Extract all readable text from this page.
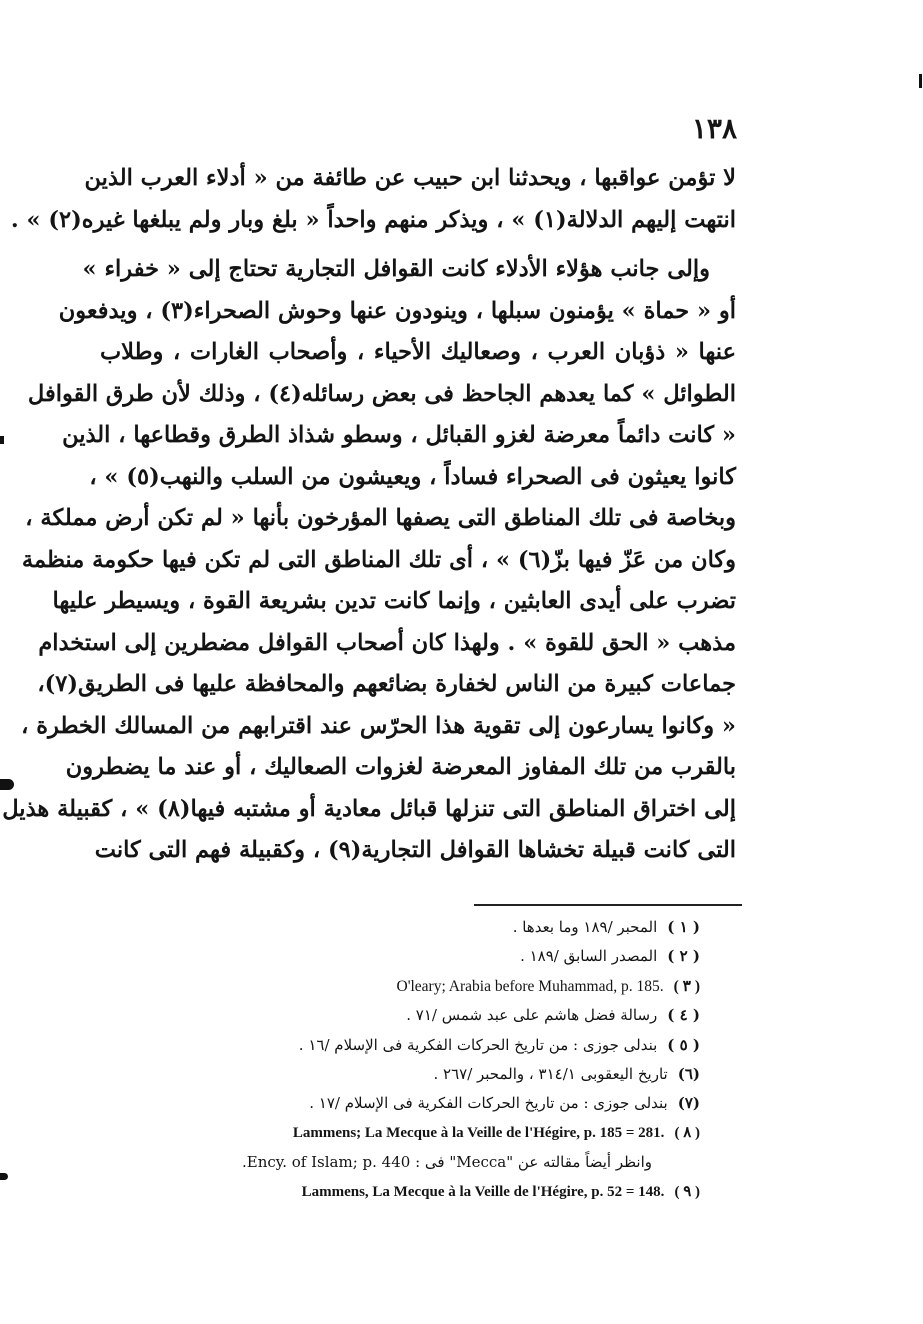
١٣٨
لا تؤمن عواقبها ، ويحدثنا ابن حبيب عن طائفة من « أدلاء العرب الذين
انتهت إليهم الدلالة(١) » ، ويذكر منهم واحداً « بلغ وبار ولم يبلغها غيره(٢) » .
وإلى جانب هؤلاء الأدلاء كانت القوافل التجارية تحتاج إلى « خفراء »
أو « حماة » يؤمنون سبلها ، وينودون عنها وحوش الصحراء(٣) ، ويدفعون
عنها « ذؤبان العرب ، وصعاليك الأحياء ، وأصحاب الغارات ، وطلاب
الطوائل » كما يعدهم الجاحظ فى بعض رسائله(٤) ، وذلك لأن طرق القوافل
« كانت دائماً معرضة لغزو القبائل ، وسطو شذاذ الطرق وقطاعها ، الذين
كانوا يعيثون فى الصحراء فساداً ، ويعيشون من السلب والنهب(٥) » ،
وبخاصة فى تلك المناطق التى يصفها المؤرخون بأنها « لم تكن أرض مملكة ،
وكان من عَزّ فيها بزّ(٦) » ، أى تلك المناطق التى لم تكن فيها حكومة منظمة
تضرب على أيدى العابثين ، وإنما كانت تدين بشريعة القوة ، ويسيطر عليها
مذهب « الحق للقوة » . ولهذا كان أصحاب القوافل مضطرين إلى استخدام
جماعات كبيرة من الناس لخفارة بضائعهم والمحافظة عليها فى الطريق(٧)،
« وكانوا يسارعون إلى تقوية هذا الحرّس عند اقترابهم من المسالك الخطرة ،
بالقرب من تلك المفاوز المعرضة لغزوات الصعاليك ، أو عند ما يضطرون
إلى اختراق المناطق التى تنزلها قبائل معادية أو مشتبه فيها(٨) » ، كقبيلة هذيل
التى كانت قبيلة تخشاها القوافل التجارية(٩) ، وكقبيلة فهم التى كانت
( ١ )المحبر /١٨٩ وما بعدها .
( ٢ )المصدر السابق /١٨٩ .
( ٣ )O'leary; Arabia before Muhammad, p. 185.
( ٤ )رسالة فضل هاشم على عبد شمس /٧١ .
( ٥ )بندلى جوزى : من تاريخ الحركات الفكرية فى الإسلام /١٦ .
(٦)تاريخ اليعقوبى ٣١٤/١ ، والمحبر /٢٦٧ .
(٧)بندلى جوزى : من تاريخ الحركات الفكرية فى الإسلام /١٧ .
( ٨ )Lammens; La Mecque à la Veille de l'Hégire, p. 185 = 281.
وانظر أيضاً مقالته عن "Mecca" فى : Ency. of Islam; p. 440.
( ٩ )Lammens, La Mecque à la Veille de l'Hégire, p. 52 = 148.
